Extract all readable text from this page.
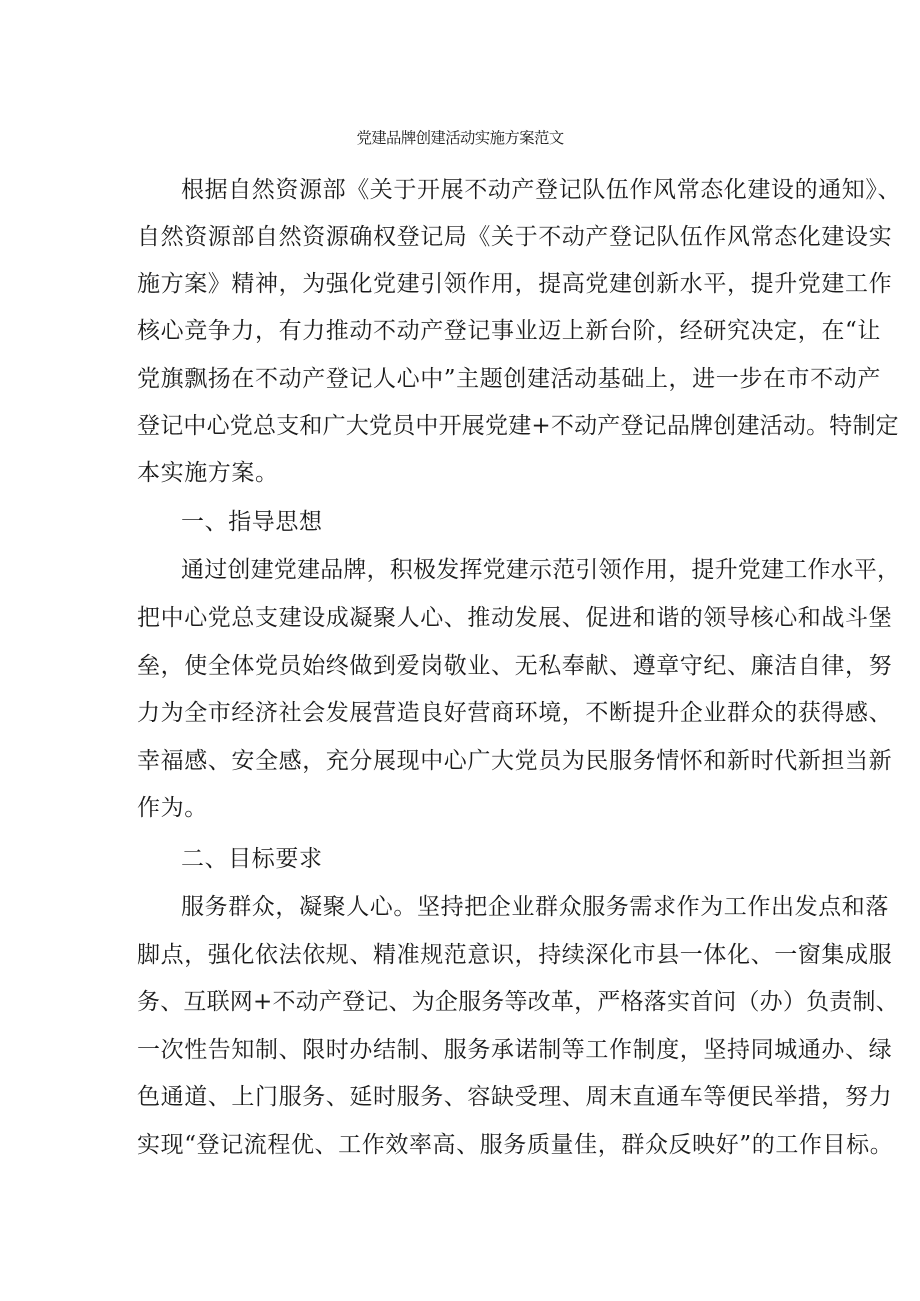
党建品牌创建活动实施方案范文

根据自然资源部《关于开展不动产登记队伍作风常态化建设的通知》、

自然资源部自然资源确权登记局《关于不动产登记队伍作风常态化建设实

施方案》精神，为强化党建引领作用，提高党建创新水平，提升党建工作

核心竞争力，有力推动不动产登记事业迈上新台阶，经研究决定，在“让

党旗飘扬在不动产登记人心中”主题创建活动基础上，进一步在市不动产

登记中心党总支和广大党员中开展党建+不动产登记品牌创建活动。特制定

本实施方案。

一、指导思想

通过创建党建品牌，积极发挥党建示范引领作用，提升党建工作水平，

把中心党总支建设成凝聚人心、推动发展、促进和谐的领导核心和战斗堡

垒，使全体党员始终做到爱岗敬业、无私奉献、遵章守纪、廉洁自律，努

力为全市经济社会发展营造良好营商环境，不断提升企业群众的获得感、

幸福感、安全感，充分展现中心广大党员为民服务情怀和新时代新担当新

作为。

二、目标要求

服务群众，凝聚人心。坚持把企业群众服务需求作为工作出发点和落

脚点，强化依法依规、精准规范意识，持续深化市县一体化、一窗集成服

务、互联网+不动产登记、为企服务等改革，严格落实首问（办）负责制、

一次性告知制、限时办结制、服务承诺制等工作制度，坚持同城通办、绿

色通道、上门服务、延时服务、容缺受理、周末直通车等便民举措，努力

实现“登记流程优、工作效率高、服务质量佳，群众反映好”的工作目标。
